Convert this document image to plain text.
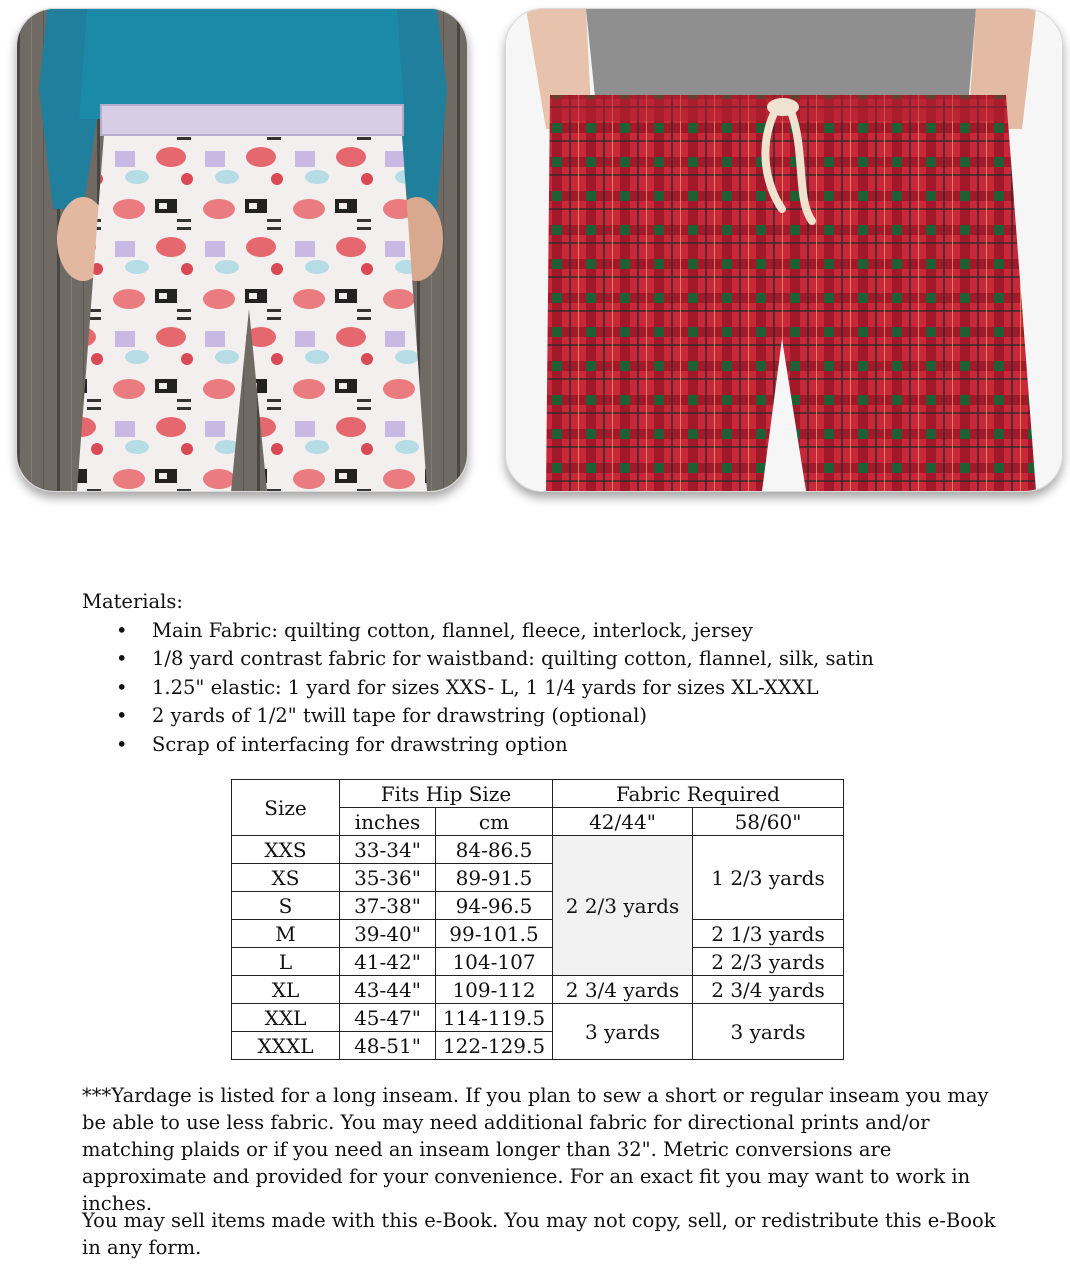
Materials:
• Main Fabric: quilting cotton, flannel, fleece, interlock, jersey
• 1/8 yard contrast fabric for waistband: quilting cotton, flannel, silk, satin
• 1.25" elastic: 1 yard for sizes XXS- L, 1 1/4 yards for sizes XL-XXXL
• 2 yards of 1/2" twill tape for drawstring (optional)
• Scrap of interfacing for drawstring option
Size	Fits Hip Size		Fabric Required	
	inches	cm	42/44"	58/60"
XXS	33-34"	84-86.5	2 2/3 yards	1 2/3 yards
XS	35-36"	89-91.5		
S	37-38"	94-96.5		
M	39-40"	99-101.5		2 1/3 yards
L	41-42"	104-107		2 2/3 yards
XL	43-44"	109-112	2 3/4 yards	2 3/4 yards
XXL	45-47"	114-119.5	3 yards	3 yards
XXXL	48-51"	122-129.5		

***Yardage is listed for a long inseam. If you plan to sew a short or regular inseam you may be able to use less fabric. You may need additional fabric for directional prints and/or matching plaids or if you need an inseam longer than 32". Metric conversions are approximate and provided for your convenience. For an exact fit you may want to work in inches.

You may sell items made with this e-Book. You may not copy, sell, or redistribute this e-Book in any form.
